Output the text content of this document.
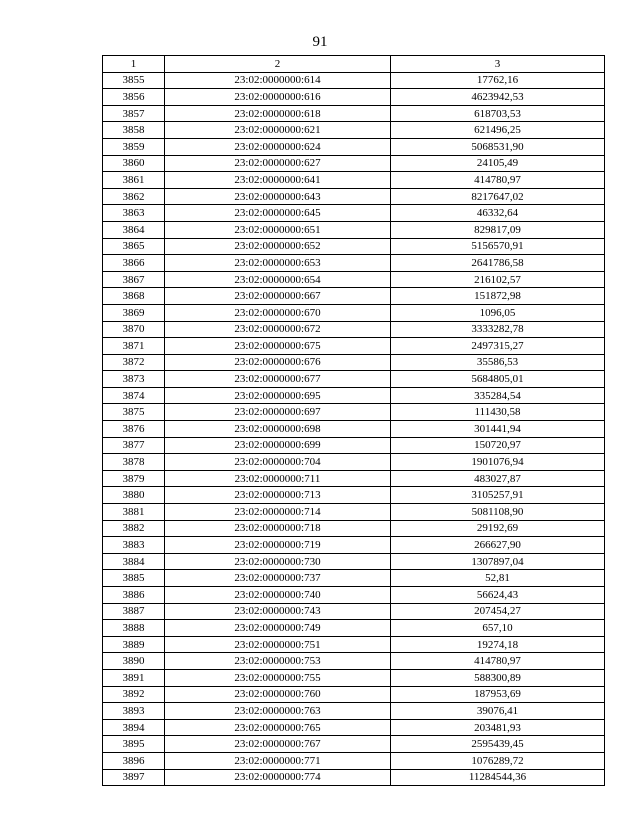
91
1	2	3
3855	23:02:0000000:614	17762,16
3856	23:02:0000000:616	4623942,53
3857	23:02:0000000:618	618703,53
3858	23:02:0000000:621	621496,25
3859	23:02:0000000:624	5068531,90
3860	23:02:0000000:627	24105,49
3861	23:02:0000000:641	414780,97
3862	23:02:0000000:643	8217647,02
3863	23:02:0000000:645	46332,64
3864	23:02:0000000:651	829817,09
3865	23:02:0000000:652	5156570,91
3866	23:02:0000000:653	2641786,58
3867	23:02:0000000:654	216102,57
3868	23:02:0000000:667	151872,98
3869	23:02:0000000:670	1096,05
3870	23:02:0000000:672	3333282,78
3871	23:02:0000000:675	2497315,27
3872	23:02:0000000:676	35586,53
3873	23:02:0000000:677	5684805,01
3874	23:02:0000000:695	335284,54
3875	23:02:0000000:697	111430,58
3876	23:02:0000000:698	301441,94
3877	23:02:0000000:699	150720,97
3878	23:02:0000000:704	1901076,94
3879	23:02:0000000:711	483027,87
3880	23:02:0000000:713	3105257,91
3881	23:02:0000000:714	5081108,90
3882	23:02:0000000:718	29192,69
3883	23:02:0000000:719	266627,90
3884	23:02:0000000:730	1307897,04
3885	23:02:0000000:737	52,81
3886	23:02:0000000:740	56624,43
3887	23:02:0000000:743	207454,27
3888	23:02:0000000:749	657,10
3889	23:02:0000000:751	19274,18
3890	23:02:0000000:753	414780,97
3891	23:02:0000000:755	588300,89
3892	23:02:0000000:760	187953,69
3893	23:02:0000000:763	39076,41
3894	23:02:0000000:765	203481,93
3895	23:02:0000000:767	2595439,45
3896	23:02:0000000:771	1076289,72
3897	23:02:0000000:774	11284544,36
